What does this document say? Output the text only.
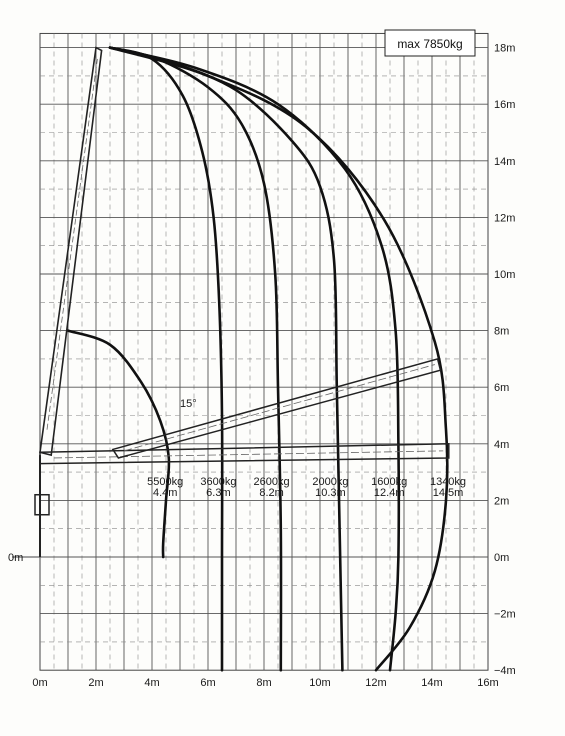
0m	2m	4m	6m	8m	10m	12m	14m	16m
18m
16m
14m
12m
10m
8m
6m
4m
2m
0m
−2m
−4m
5500kg
4.4m
3600kg
6.3m
2600kg
8.2m
2000kg
10.3m
1600kg
12.4m
1340kg
14.5m
max 7850kg
15°
0m
